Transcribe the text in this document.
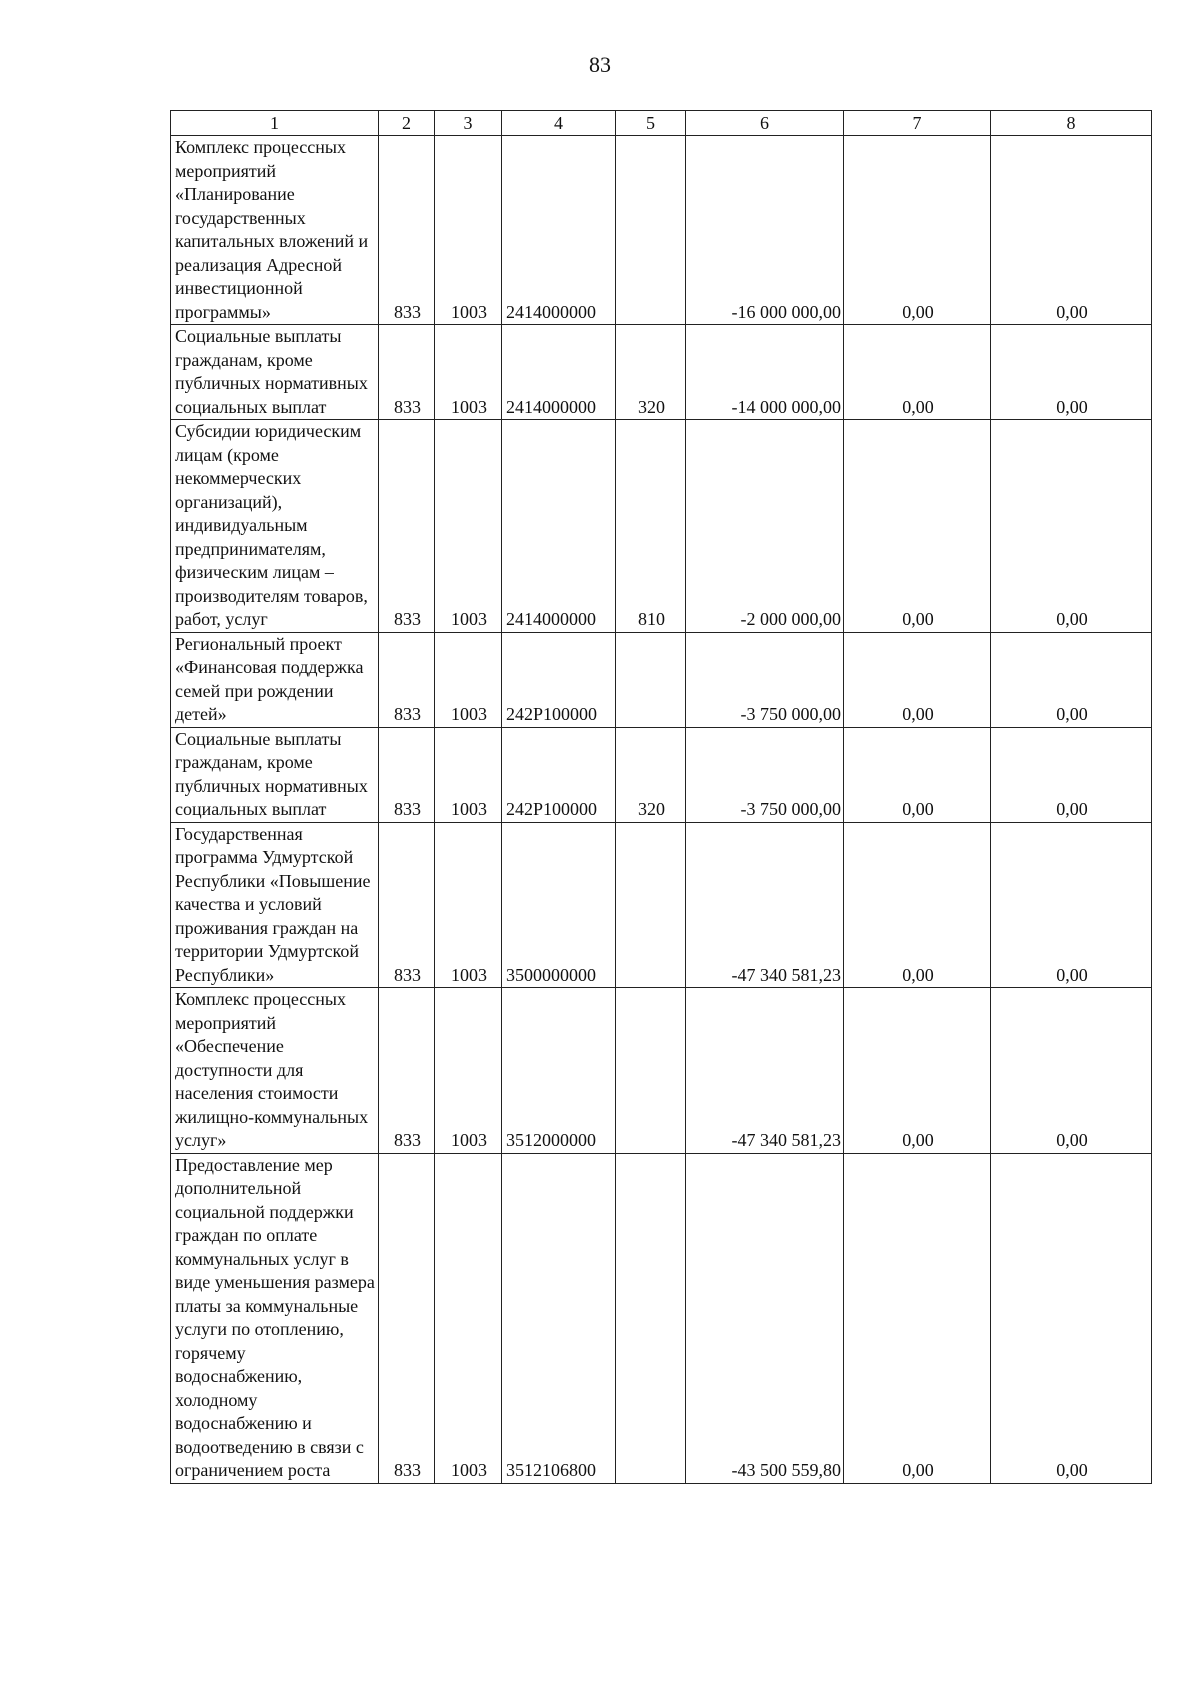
83
1	2	3	4	5	6	7	8
Комплекс процессных мероприятий «Планирование государственных капитальных вложений и реализация Адресной инвестиционной программы»	833	1003	2414000000		-16 000 000,00	0,00	0,00
Социальные выплаты гражданам, кроме публичных нормативных социальных выплат	833	1003	2414000000	320	-14 000 000,00	0,00	0,00
Субсидии юридическим лицам (кроме некоммерческих организаций), индивидуальным предпринимателям, физическим лицам – производителям товаров, работ, услуг	833	1003	2414000000	810	-2 000 000,00	0,00	0,00
Региональный проект «Финансовая поддержка семей при рождении детей»	833	1003	242P100000		-3 750 000,00	0,00	0,00
Социальные выплаты гражданам, кроме публичных нормативных социальных выплат	833	1003	242P100000	320	-3 750 000,00	0,00	0,00
Государственная программа Удмуртской Республики «Повышение качества и условий проживания граждан на территории Удмуртской Республики»	833	1003	3500000000		-47 340 581,23	0,00	0,00
Комплекс процессных мероприятий «Обеспечение доступности для населения стоимости жилищно-коммунальных услуг»	833	1003	3512000000		-47 340 581,23	0,00	0,00
Предоставление мер дополнительной социальной поддержки граждан по оплате коммунальных услуг в виде уменьшения размера платы за коммунальные услуги по отоплению, горячему водоснабжению, холодному водоснабжению и водоотведению в связи с ограничением роста	833	1003	3512106800		-43 500 559,80	0,00	0,00
